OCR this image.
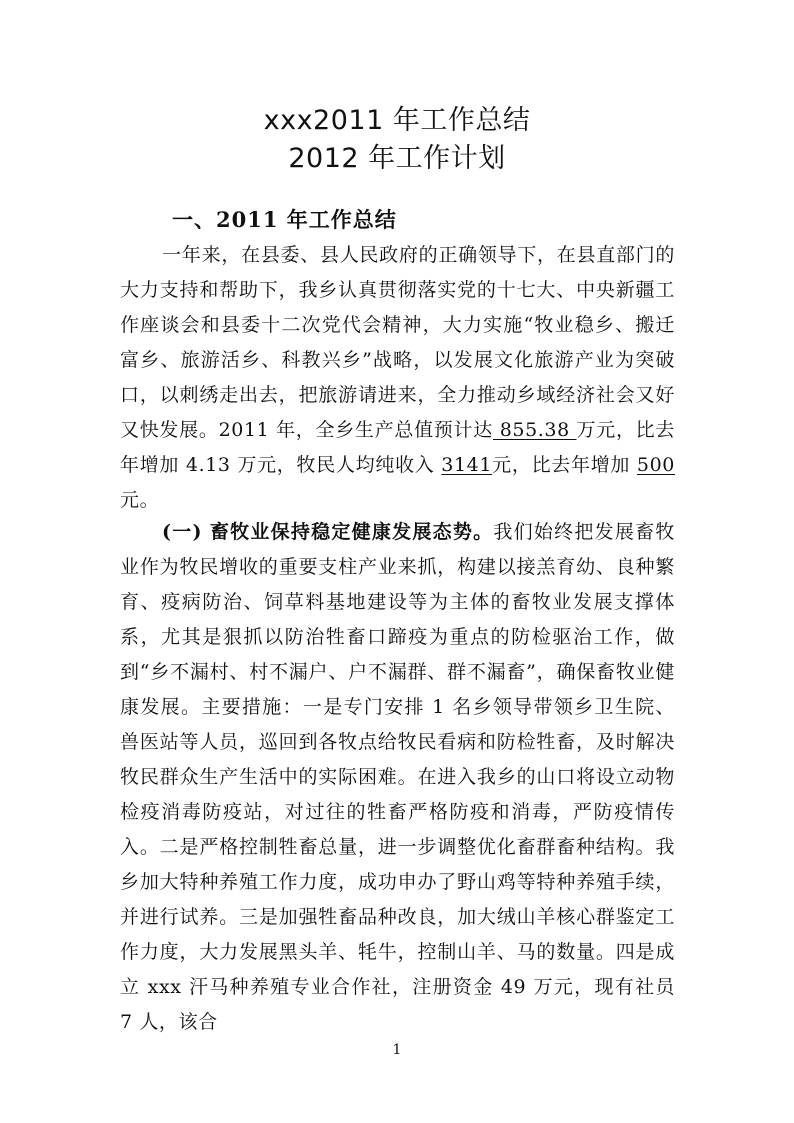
xxx2011 年工作总结
2012 年工作计划
一、2011 年工作总结
一年来，在县委、县人民政府的正确领导下，在县直部门的大力支持和帮助下，我乡认真贯彻落实党的十七大、中央新疆工作座谈会和县委十二次党代会精神，大力实施“牧业稳乡、搬迁富乡、旅游活乡、科教兴乡”战略，以发展文化旅游产业为突破口，以刺绣走出去，把旅游请进来，全力推动乡域经济社会又好又快发展。2011 年，全乡生产总值预计达 855.38 万元，比去年增加 4.13 万元，牧民人均纯收入 3141元，比去年增加 500元。
(一) 畜牧业保持稳定健康发展态势。我们始终把发展畜牧业作为牧民增收的重要支柱产业来抓，构建以接羔育幼、良种繁育、疫病防治、饲草料基地建设等为主体的畜牧业发展支撑体系，尤其是狠抓以防治牲畜口蹄疫为重点的防检驱治工作，做到“乡不漏村、村不漏户、户不漏群、群不漏畜”，确保畜牧业健康发展。主要措施：一是专门安排 1 名乡领导带领乡卫生院、兽医站等人员，巡回到各牧点给牧民看病和防检牲畜，及时解决牧民群众生产生活中的实际困难。在进入我乡的山口将设立动物检疫消毒防疫站，对过往的牲畜严格防疫和消毒，严防疫情传入。二是严格控制牲畜总量，进一步调整优化畜群畜种结构。我乡加大特种养殖工作力度，成功申办了野山鸡等特种养殖手续，并进行试养。三是加强牲畜品种改良，加大绒山羊核心群鉴定工作力度，大力发展黑头羊、牦牛，控制山羊、马的数量。四是成立 xxx 汗马种养殖专业合作社，注册资金 49 万元，现有社员 7 人，该合
1
